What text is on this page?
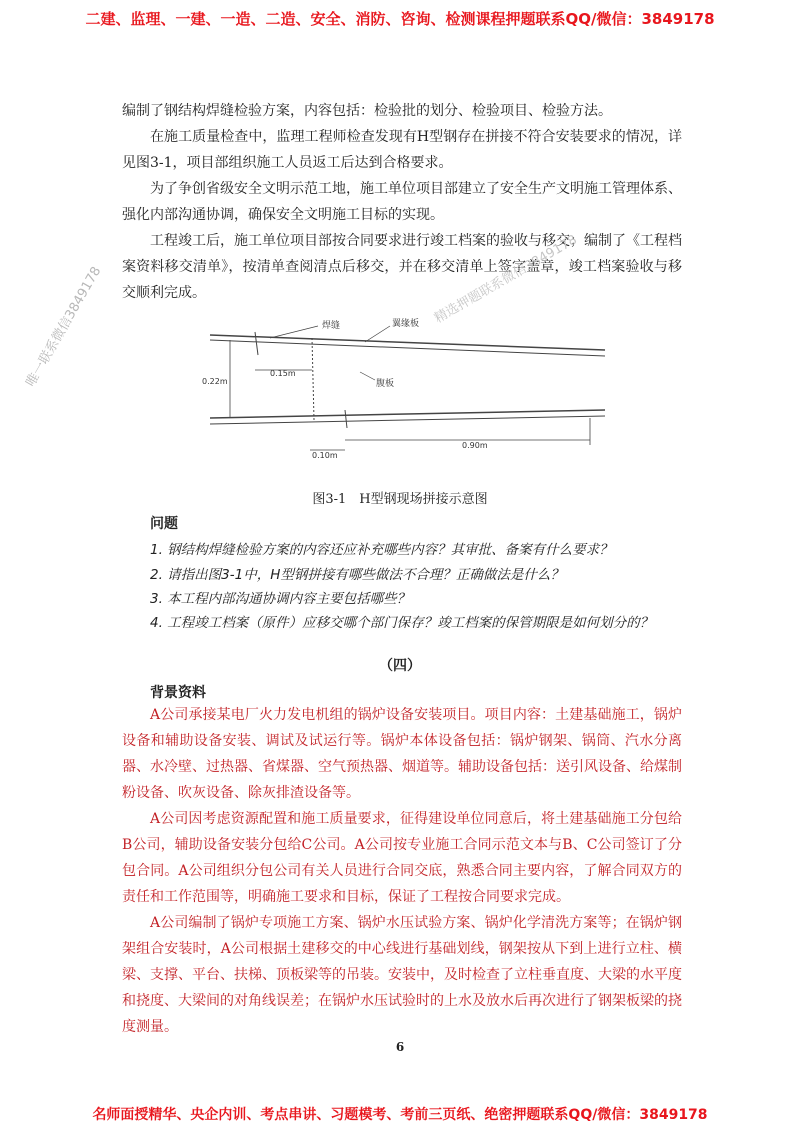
二建、监理、一建、一造、二造、安全、消防、咨询、检测课程押题联系QQ/微信：3849178

编制了钢结构焊缝检验方案，内容包括：检验批的划分、检验项目、检验方法。

在施工质量检查中，监理工程师检查发现有H型钢存在拼接不符合安装要求的情况，详见图3-1，项目部组织施工人员返工后达到合格要求。

为了争创省级安全文明示范工地，施工单位项目部建立了安全生产文明施工管理体系、强化内部沟通协调，确保安全文明施工目标的实现。

工程竣工后，施工单位项目部按合同要求进行竣工档案的验收与移交；编制了《工程档案资料移交清单》，按清单查阅清点后移交，并在移交清单上签字盖章，竣工档案验收与移交顺利完成。

焊缝	翼缘板
腹板
0.22m
0.15m
0.10m
0.90m
图3-1　H型钢现场拼接示意图
问题
1. 钢结构焊缝检验方案的内容还应补充哪些内容？其审批、备案有什么要求？
2. 请指出图3-1中，H型钢拼接有哪些做法不合理？正确做法是什么？
3. 本工程内部沟通协调内容主要包括哪些？
4. 工程竣工档案（原件）应移交哪个部门保存？竣工档案的保管期限是如何划分的？
（四）
背景资料

A公司承接某电厂火力发电机组的锅炉设备安装项目。项目内容：土建基础施工，锅炉设备和辅助设备安装、调试及试运行等。锅炉本体设备包括：锅炉钢架、锅筒、汽水分离器、水冷壁、过热器、省煤器、空气预热器、烟道等。辅助设备包括：送引风设备、给煤制粉设备、吹灰设备、除灰排渣设备等。

A公司因考虑资源配置和施工质量要求，征得建设单位同意后，将土建基础施工分包给B公司，辅助设备安装分包给C公司。A公司按专业施工合同示范文本与B、C公司签订了分包合同。A公司组织分包公司有关人员进行合同交底，熟悉合同主要内容，了解合同双方的责任和工作范围等，明确施工要求和目标，保证了工程按合同要求完成。

A公司编制了锅炉专项施工方案、锅炉水压试验方案、锅炉化学清洗方案等；在锅炉钢架组合安装时，A公司根据土建移交的中心线进行基础划线，钢架按从下到上进行立柱、横梁、支撑、平台、扶梯、顶板梁等的吊装。安装中，及时检查了立柱垂直度、大梁的水平度和挠度、大梁间的对角线误差；在锅炉水压试验时的上水及放水后再次进行了钢架板梁的挠度测量。

6
唯一联系微信3849178	精选押题联系微信3849178
名师面授精华、央企内训、考点串讲、习题模考、考前三页纸、绝密押题联系QQ/微信：3849178
